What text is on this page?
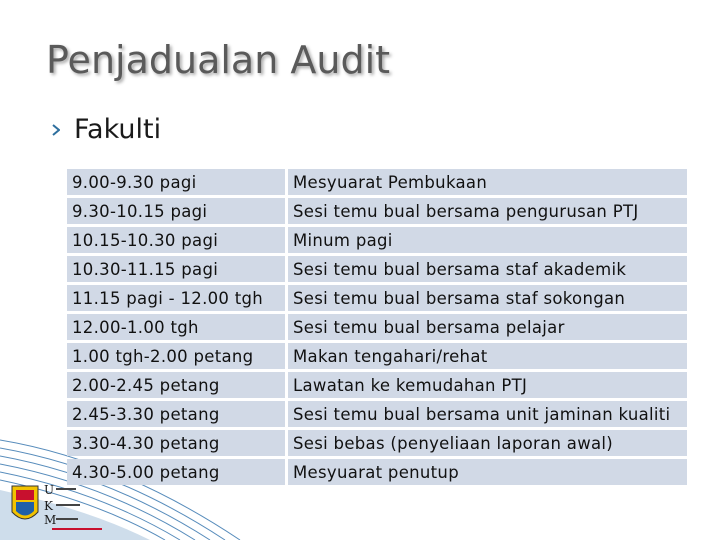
U
K
M
Penjadualan Audit
Fakulti
9.00-9.30 pagi	Mesyuarat Pembukaan
9.30-10.15 pagi	Sesi temu bual bersama pengurusan PTJ
10.15-10.30 pagi	Minum pagi
10.30-11.15 pagi	Sesi temu bual bersama staf akademik
11.15 pagi - 12.00 tgh	Sesi temu bual bersama staf sokongan
12.00-1.00 tgh	Sesi temu bual bersama pelajar
1.00 tgh-2.00 petang	Makan tengahari/rehat
2.00-2.45 petang	Lawatan ke kemudahan PTJ
2.45-3.30 petang	Sesi temu bual bersama unit jaminan kualiti
3.30-4.30 petang	Sesi bebas (penyeliaan laporan awal)
4.30-5.00 petang	Mesyuarat penutup
